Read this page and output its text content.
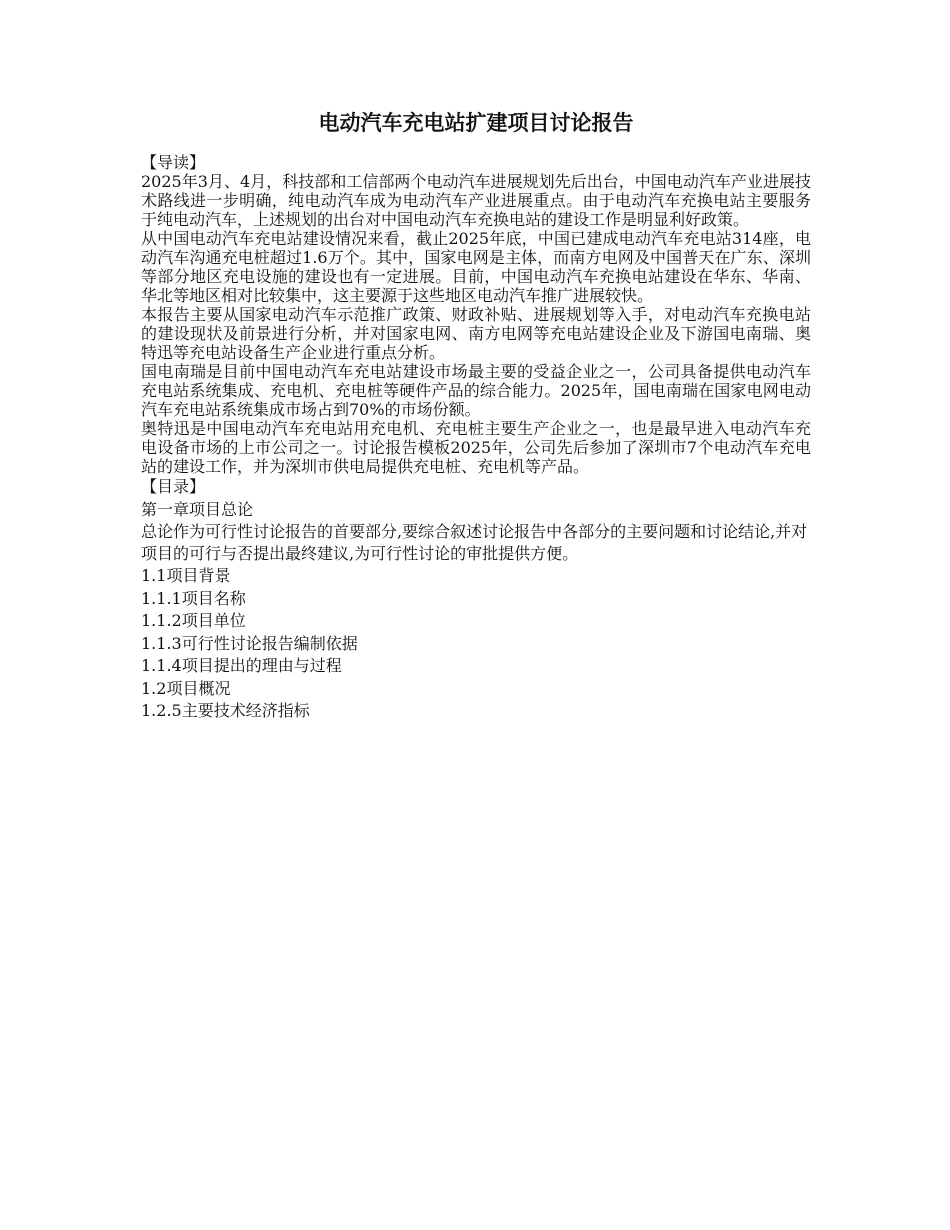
电动汽车充电站扩建项目讨论报告

【导读】

2025年3月、4月，科技部和工信部两个电动汽车进展规划先后出台，中国电动汽车产业进展技术路线进一步明确，纯电动汽车成为电动汽车产业进展重点。由于电动汽车充换电站主要服务于纯电动汽车，上述规划的出台对中国电动汽车充换电站的建设工作是明显利好政策。

从中国电动汽车充电站建设情况来看，截止2025年底，中国已建成电动汽车充电站314座，电动汽车沟通充电桩超过1.6万个。其中，国家电网是主体，而南方电网及中国普天在广东、深圳等部分地区充电设施的建设也有一定进展。目前，中国电动汽车充换电站建设在华东、华南、华北等地区相对比较集中，这主要源于这些地区电动汽车推广进展较快。

本报告主要从国家电动汽车示范推广政策、财政补贴、进展规划等入手，对电动汽车充换电站的建设现状及前景进行分析，并对国家电网、南方电网等充电站建设企业及下游国电南瑞、奥特迅等充电站设备生产企业进行重点分析。

国电南瑞是目前中国电动汽车充电站建设市场最主要的受益企业之一，公司具备提供电动汽车充电站系统集成、充电机、充电桩等硬件产品的综合能力。2025年，国电南瑞在国家电网电动汽车充电站系统集成市场占到70%的市场份额。

奥特迅是中国电动汽车充电站用充电机、充电桩主要生产企业之一，也是最早进入电动汽车充电设备市场的上市公司之一。讨论报告模板2025年，公司先后参加了深圳市7个电动汽车充电站的建设工作，并为深圳市供电局提供充电桩、充电机等产品。

【目录】

第一章项目总论

总论作为可行性讨论报告的首要部分,要综合叙述讨论报告中各部分的主要问题和讨论结论,并对项目的可行与否提出最终建议,为可行性讨论的审批提供方便。

1.1项目背景

1.1.1项目名称

1.1.2项目单位

1.1.3可行性讨论报告编制依据

1.1.4项目提出的理由与过程

1.2项目概况

1.2.5主要技术经济指标
